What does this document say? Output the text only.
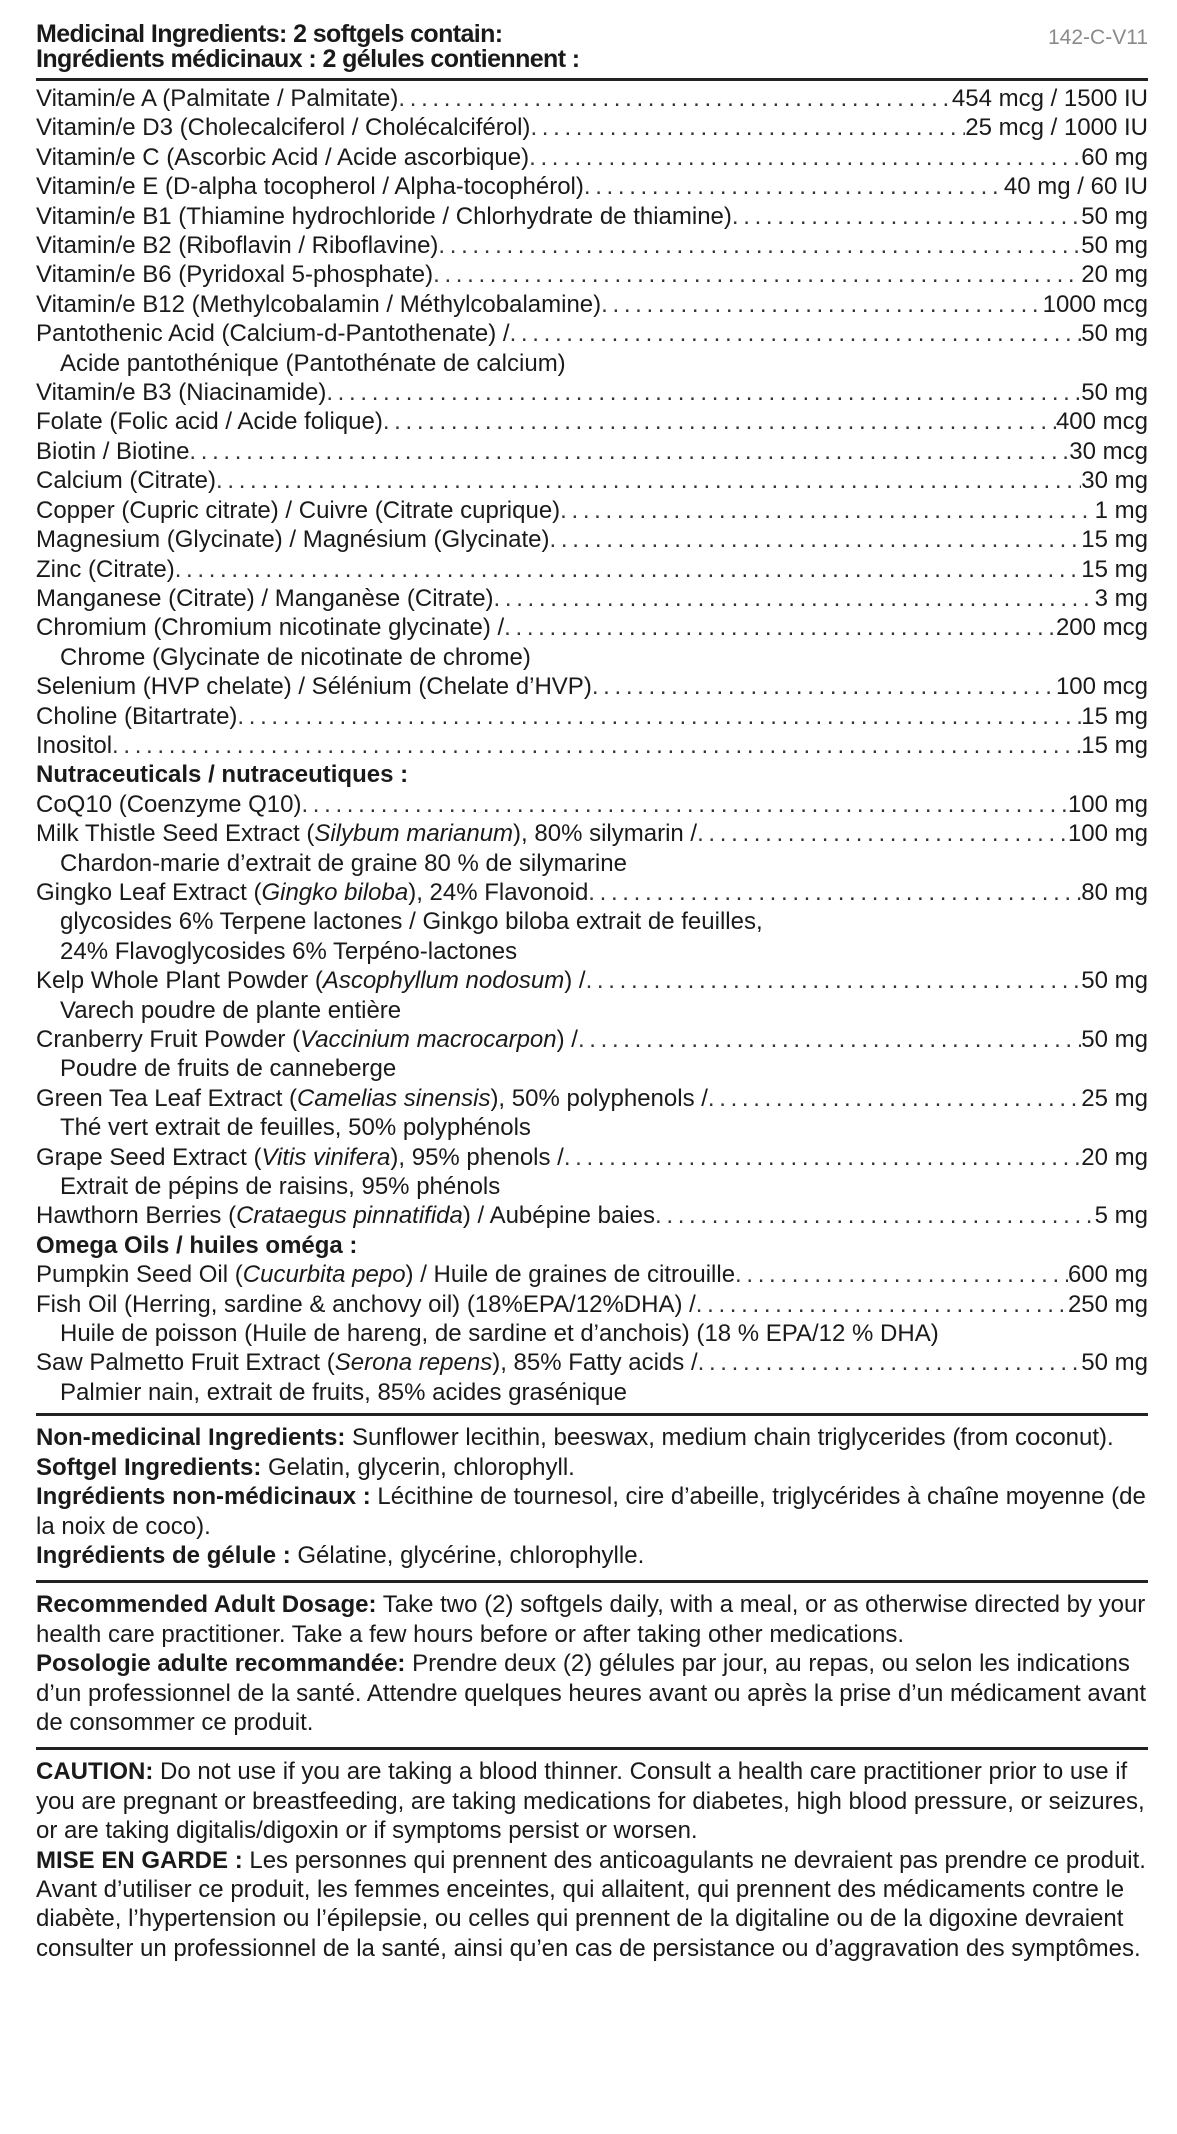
142-C-V11
Medicinal Ingredients: 2 softgels contain:
Ingrédients médicinaux : 2 gélules contiennent :
Vitamin/e A (Palmitate / Palmitate) . . .	454 mcg / 1500 IU
Vitamin/e D3 (Cholecalciferol / Cholécalciférol) . . .	25 mcg / 1000 IU
Vitamin/e C (Ascorbic Acid / Acide ascorbique) . . .	60 mg
Vitamin/e E (D-alpha tocopherol / Alpha-tocophérol) . . .	40 mg / 60 IU
Vitamin/e B1 (Thiamine hydrochloride / Chlorhydrate de thiamine) . . .	50 mg
Vitamin/e B2 (Riboflavin / Riboflavine) . . .	50 mg
Vitamin/e B6 (Pyridoxal 5-phosphate) . . .	20 mg
Vitamin/e B12 (Methylcobalamin / Méthylcobalamine) . . .	1000 mcg
Pantothenic Acid (Calcium-d-Pantothenate) / . . .	50 mg
Acide pantothénique (Pantothénate de calcium)
Vitamin/e B3 (Niacinamide) . . .	50 mg
Folate (Folic acid / Acide folique) . . .	400 mcg
Biotin / Biotine . . .	30 mcg
Calcium (Citrate) . . .	30 mg
Copper (Cupric citrate) / Cuivre (Citrate cuprique) . . .	1 mg
Magnesium (Glycinate) / Magnésium (Glycinate) . . .	15 mg
Zinc (Citrate) . . .	15 mg
Manganese (Citrate) / Manganèse (Citrate) . . .	3 mg
Chromium (Chromium nicotinate glycinate) / . . .	200 mcg
Chrome (Glycinate de nicotinate de chrome)
Selenium (HVP chelate) / Sélénium (Chelate d’HVP) . . .	100 mcg
Choline (Bitartrate) . . .	15 mg
Inositol . . .	15 mg
Nutraceuticals / nutraceutiques :
CoQ10 (Coenzyme Q10) . . .	100 mg
Milk Thistle Seed Extract (Silybum marianum), 80% silymarin / . . .	100 mg
Chardon-marie d’extrait de graine 80 % de silymarine
Gingko Leaf Extract (Gingko biloba), 24% Flavonoid . . .	80 mg
glycosides 6% Terpene lactones / Ginkgo biloba extrait de feuilles,
24% Flavoglycosides 6% Terpéno-lactones
Kelp Whole Plant Powder (Ascophyllum nodosum) / . . .	50 mg
Varech poudre de plante entière
Cranberry Fruit Powder (Vaccinium macrocarpon) / . . .	50 mg
Poudre de fruits de canneberge
Green Tea Leaf Extract (Camelias sinensis), 50% polyphenols / . . .	25 mg
Thé vert extrait de feuilles, 50% polyphénols
Grape Seed Extract (Vitis vinifera), 95% phenols / . . .	20 mg
Extrait de pépins de raisins, 95% phénols
Hawthorn Berries (Crataegus pinnatifida) / Aubépine baies . . .	5 mg
Omega Oils / huiles oméga :
Pumpkin Seed Oil (Cucurbita pepo) / Huile de graines de citrouille . . .	600 mg
Fish Oil (Herring, sardine & anchovy oil) (18%EPA/12%DHA) / . . .	250 mg
Huile de poisson (Huile de hareng, de sardine et d’anchois) (18 % EPA/12 % DHA)
Saw Palmetto Fruit Extract (Serona repens), 85% Fatty acids / . . .	50 mg
Palmier nain, extrait de fruits, 85% acides grasénique

Non-medicinal Ingredients: Sunflower lecithin, beeswax, medium chain triglycerides (from coconut).

Softgel Ingredients: Gelatin, glycerin, chlorophyll.

Ingrédients non-médicinaux : Lécithine de tournesol, cire d’abeille, triglycérides à chaîne moyenne (de la noix de coco).

Ingrédients de gélule : Gélatine, glycérine, chlorophylle.

Recommended Adult Dosage: Take two (2) softgels daily, with a meal, or as otherwise directed by your health care practitioner. Take a few hours before or after taking other medications.

Posologie adulte recommandée: Prendre deux (2) gélules par jour, au repas, ou selon les indications d’un professionnel de la santé. Attendre quelques heures avant ou après la prise d’un médicament avant de consommer ce produit.

CAUTION: Do not use if you are taking a blood thinner. Consult a health care practitioner prior to use if you are pregnant or breastfeeding, are taking medications for diabetes, high blood pressure, or seizures, or are taking digitalis/digoxin or if symptoms persist or worsen.

MISE EN GARDE : Les personnes qui prennent des anticoagulants ne devraient pas prendre ce produit. Avant d’utiliser ce produit, les femmes enceintes, qui allaitent, qui prennent des médicaments contre le diabète, l’hypertension ou l’épilepsie, ou celles qui prennent de la digitaline ou de la digoxine devraient consulter un professionnel de la santé, ainsi qu’en cas de persistance ou d’aggravation des symptômes.
